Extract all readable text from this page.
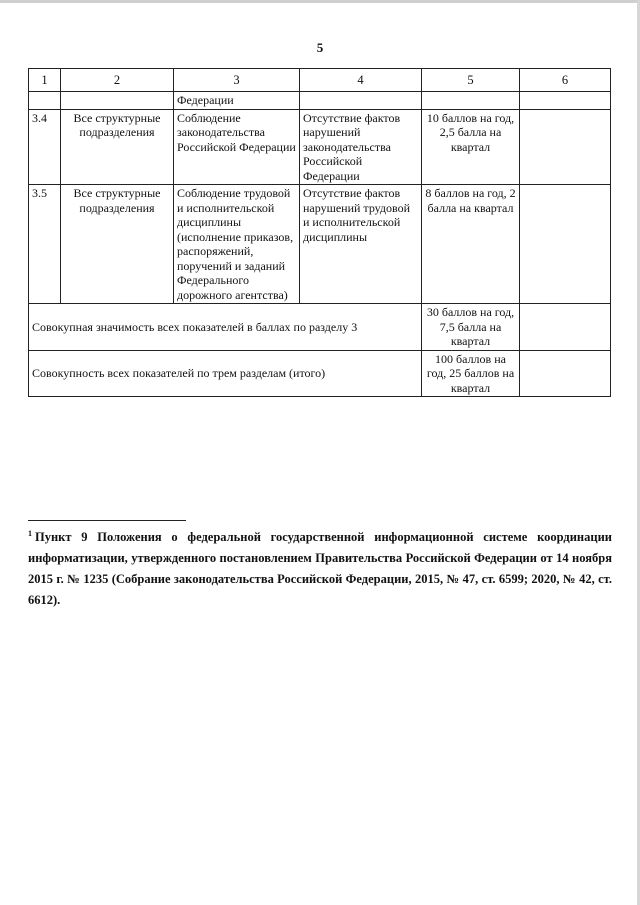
5
1	2	3	4	5	6
		Федерации			
3.4	Все структурные подразделения	Соблюдение законодательства Российской Федерации	Отсутствие фактов нарушений законодательства Российской Федерации	10 баллов на год, 2,5 балла на квартал	
3.5	Все структурные подразделения	Соблюдение трудовой и исполнительской дисциплины (исполнение приказов, распоряжений, поручений и заданий Федерального дорожного агентства)	Отсутствие фактов нарушений трудовой и исполнительской дисциплины	8 баллов на год, 2 балла на квартал	
Совокупная значимость всех показателей в баллах по разделу 3				30 баллов на год, 7,5 балла на квартал	
Совокупность всех показателей по трем разделам (итого)				100 баллов на год, 25 баллов на квартал	
$^1$ Пункт 9 Положения о федеральной государственной информационной системе координации информатизации, утвержденного постановлением Правительства Российской Федерации от 14 ноября 2015 г. № 1235 (Собрание законодательства Российской Федерации, 2015, № 47, ст. 6599; 2020, № 42, ст. 6612).
